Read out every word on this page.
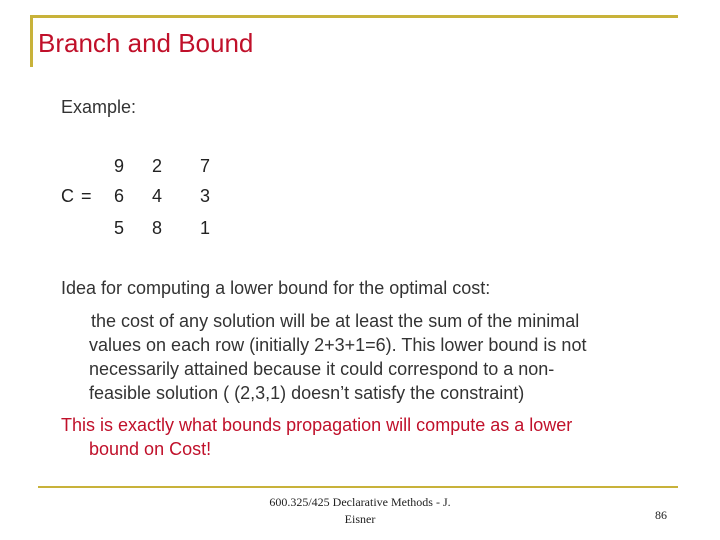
Branch and Bound
Example:
C =
9 2 7
6 4 3
5 8 1
Idea for computing a lower bound for the optimal cost:
the cost of any solution will be at least the sum of the minimal
values on each row (initially 2+3+1=6). This lower bound is not
necessarily attained because it could correspond to a non-
feasible solution ( (2,3,1) doesn’t satisfy the constraint)
This is exactly what bounds propagation will compute as a lower
bound on Cost!
600.325/425 Declarative Methods - J.
Eisner	86
